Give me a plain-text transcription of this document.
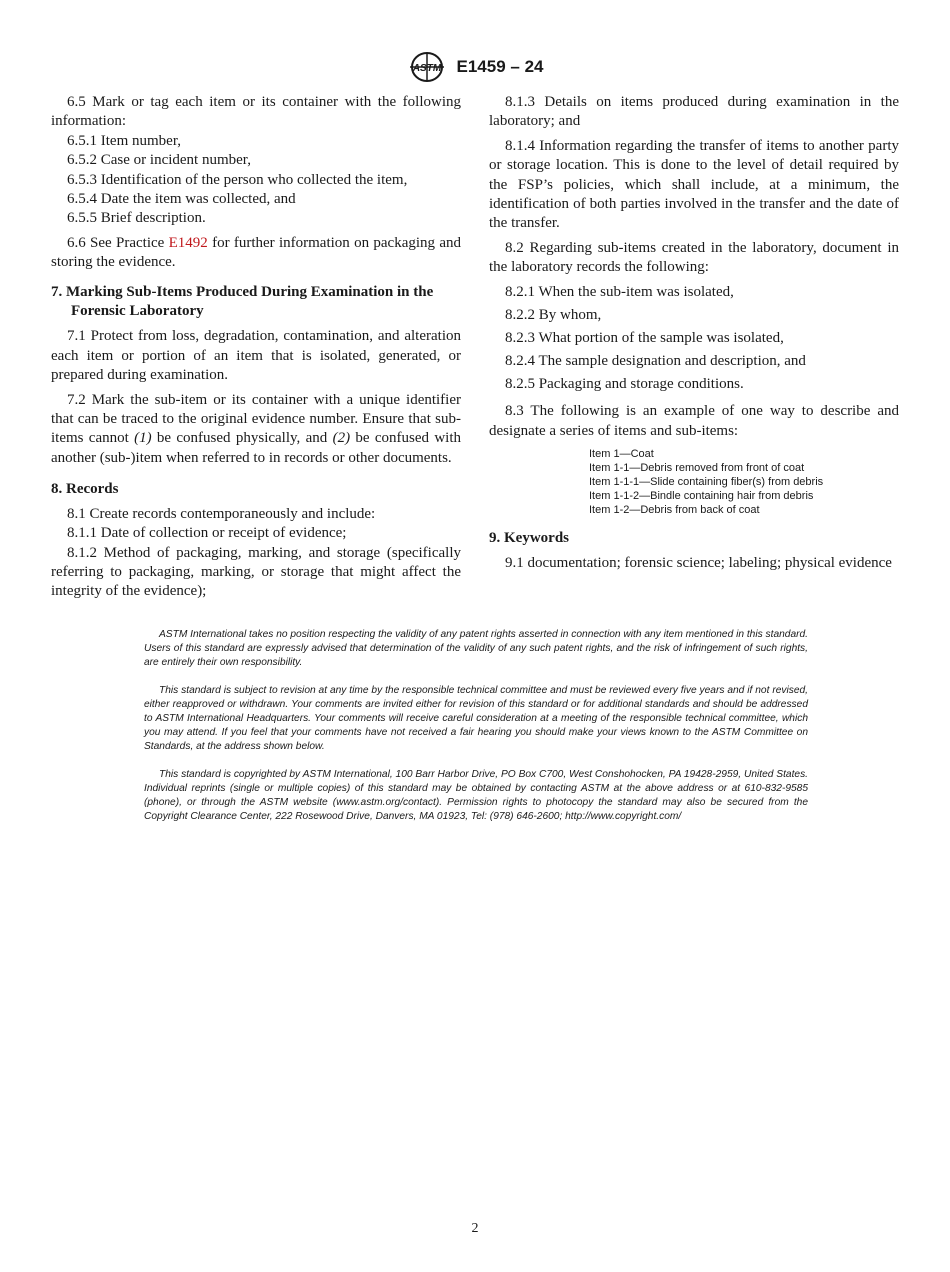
ASTM E1459 – 24

6.5 Mark or tag each item or its container with the following information:

6.5.1 Item number,

6.5.2 Case or incident number,

6.5.3 Identification of the person who collected the item,

6.5.4 Date the item was collected, and

6.5.5 Brief description.

6.6 See Practice E1492 for further information on packaging and storing the evidence.

7. Marking Sub-Items Produced During Examination in the Forensic Laboratory

7.1 Protect from loss, degradation, contamination, and alteration each item or portion of an item that is isolated, generated, or prepared during examination.

7.2 Mark the sub-item or its container with a unique identifier that can be traced to the original evidence number. Ensure that sub-items cannot (1) be confused physically, and (2) be confused with another (sub-)item when referred to in records or other documents.

8. Records

8.1 Create records contemporaneously and include:

8.1.1 Date of collection or receipt of evidence;

8.1.2 Method of packaging, marking, and storage (specifically referring to packaging, marking, or storage that might affect the integrity of the evidence);

8.1.3 Details on items produced during examination in the laboratory; and

8.1.4 Information regarding the transfer of items to another party or storage location. This is done to the level of detail required by the FSP’s policies, which shall include, at a minimum, the identification of both parties involved in the transfer and the date of the transfer.

8.2 Regarding sub-items created in the laboratory, document in the laboratory records the following:

8.2.1 When the sub-item was isolated,

8.2.2 By whom,

8.2.3 What portion of the sample was isolated,

8.2.4 The sample designation and description, and

8.2.5 Packaging and storage conditions.

8.3 The following is an example of one way to describe and designate a series of items and sub-items:

Item 1—Coat
Item 1-1—Debris removed from front of coat
Item 1-1-1—Slide containing fiber(s) from debris
Item 1-1-2—Bindle containing hair from debris
Item 1-2—Debris from back of coat
9. Keywords

9.1 documentation; forensic science; labeling; physical evidence

ASTM International takes no position respecting the validity of any patent rights asserted in connection with any item mentioned in this standard. Users of this standard are expressly advised that determination of the validity of any such patent rights, and the risk of infringement of such rights, are entirely their own responsibility.

This standard is subject to revision at any time by the responsible technical committee and must be reviewed every five years and if not revised, either reapproved or withdrawn. Your comments are invited either for revision of this standard or for additional standards and should be addressed to ASTM International Headquarters. Your comments will receive careful consideration at a meeting of the responsible technical committee, which you may attend. If you feel that your comments have not received a fair hearing you should make your views known to the ASTM Committee on Standards, at the address shown below.

This standard is copyrighted by ASTM International, 100 Barr Harbor Drive, PO Box C700, West Conshohocken, PA 19428-2959, United States. Individual reprints (single or multiple copies) of this standard may be obtained by contacting ASTM at the above address or at 610-832-9585 (phone), or through the ASTM website (www.astm.org/contact). Permission rights to photocopy the standard may also be secured from the Copyright Clearance Center, 222 Rosewood Drive, Danvers, MA 01923, Tel: (978) 646-2600; http://www.copyright.com/

2
